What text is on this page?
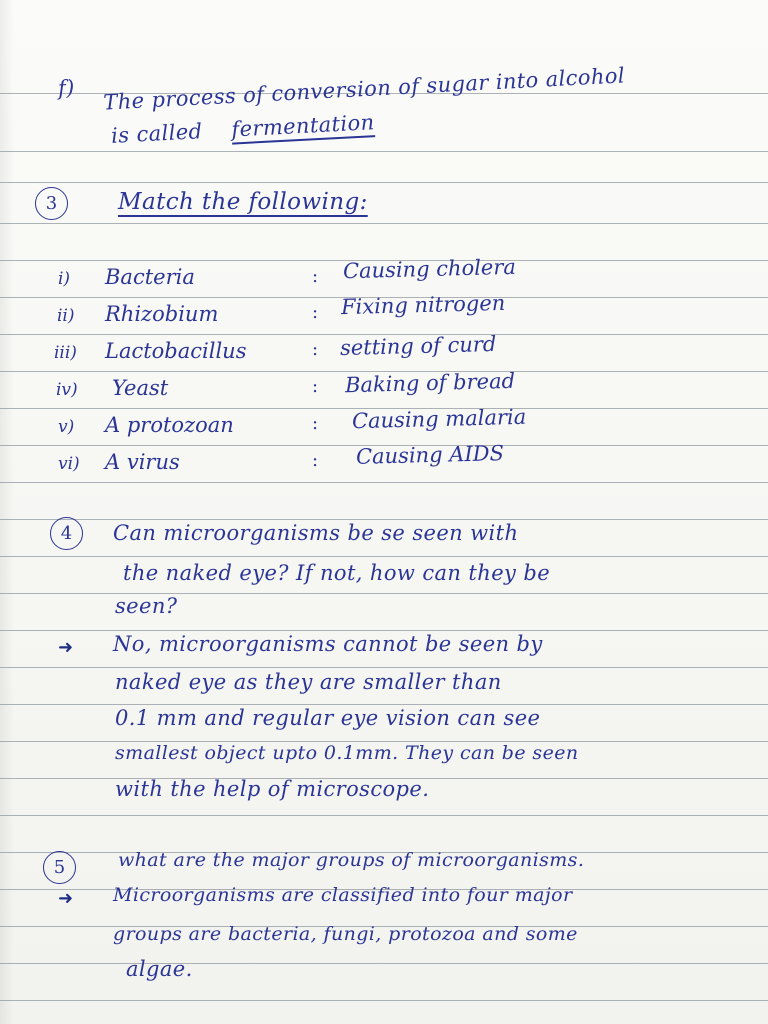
f) The process of conversion of sugar into alcohol
is called fermentation
3	Match the following:
i) Bacteria	: Causing cholera
ii) Rhizobium	: Fixing nitrogen
iii) Lactobacillus	: setting of curd
iv) Yeast	: Baking of bread
v) A protozoan	: Causing malaria
vi) A virus	: Causing AIDS
4	Can microorganisms be se seen with
the naked eye? If not, how can they be
seen?
➜ No, microorganisms cannot be seen by
naked eye as they are smaller than
0.1 mm and regular eye vision can see
smallest object upto 0.1mm. They can be seen
with the help of microscope.
5	what are the major groups of microorganisms.
➜ Microorganisms are classified into four major
groups are bacteria, fungi, protozoa and some
algae.
